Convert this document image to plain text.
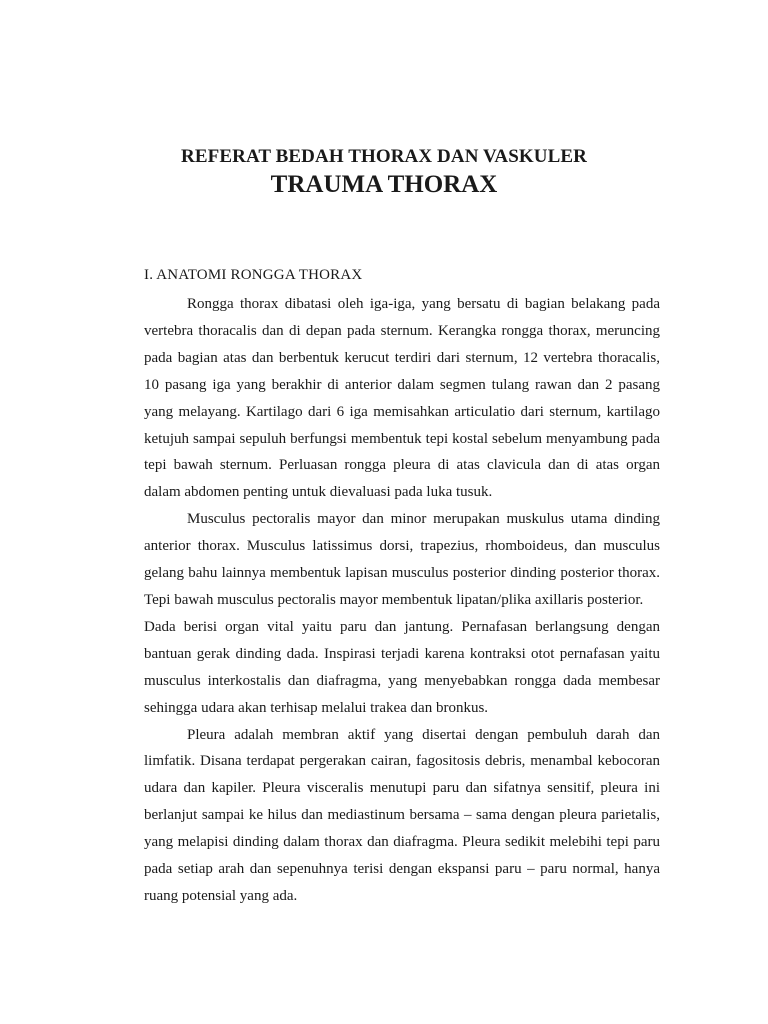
REFERAT BEDAH THORAX DAN VASKULER
TRAUMA THORAX
I. ANATOMI RONGGA THORAX

Rongga thorax dibatasi oleh iga-iga, yang bersatu di bagian belakang pada vertebra thoracalis dan di depan pada sternum. Kerangka rongga thorax, meruncing pada bagian atas dan berbentuk kerucut terdiri dari sternum, 12 vertebra thoracalis, 10 pasang iga yang berakhir di anterior dalam segmen tulang rawan dan 2 pasang yang melayang. Kartilago dari 6 iga memisahkan articulatio dari sternum, kartilago ketujuh sampai sepuluh berfungsi membentuk tepi kostal sebelum menyambung pada tepi bawah sternum. Perluasan rongga pleura di atas clavicula dan di atas organ dalam abdomen penting untuk dievaluasi pada luka tusuk.

Musculus pectoralis mayor dan minor merupakan muskulus utama dinding anterior thorax. Musculus latissimus dorsi, trapezius, rhomboideus, dan musculus gelang bahu lainnya membentuk lapisan musculus posterior dinding posterior thorax. Tepi bawah musculus pectoralis mayor membentuk lipatan/plika axillaris posterior.

Dada berisi organ vital yaitu paru dan jantung. Pernafasan berlangsung dengan bantuan gerak dinding dada. Inspirasi terjadi karena kontraksi otot pernafasan yaitu musculus interkostalis dan diafragma, yang menyebabkan rongga dada membesar sehingga udara akan terhisap melalui trakea dan bronkus.

Pleura adalah membran aktif yang disertai dengan pembuluh darah dan limfatik. Disana terdapat pergerakan cairan, fagositosis debris, menambal kebocoran udara dan kapiler. Pleura visceralis menutupi paru dan sifatnya sensitif, pleura ini berlanjut sampai ke hilus dan mediastinum bersama – sama dengan pleura parietalis, yang melapisi dinding dalam thorax dan diafragma. Pleura sedikit melebihi tepi paru pada setiap arah dan sepenuhnya terisi dengan ekspansi paru – paru normal, hanya ruang potensial yang ada.
